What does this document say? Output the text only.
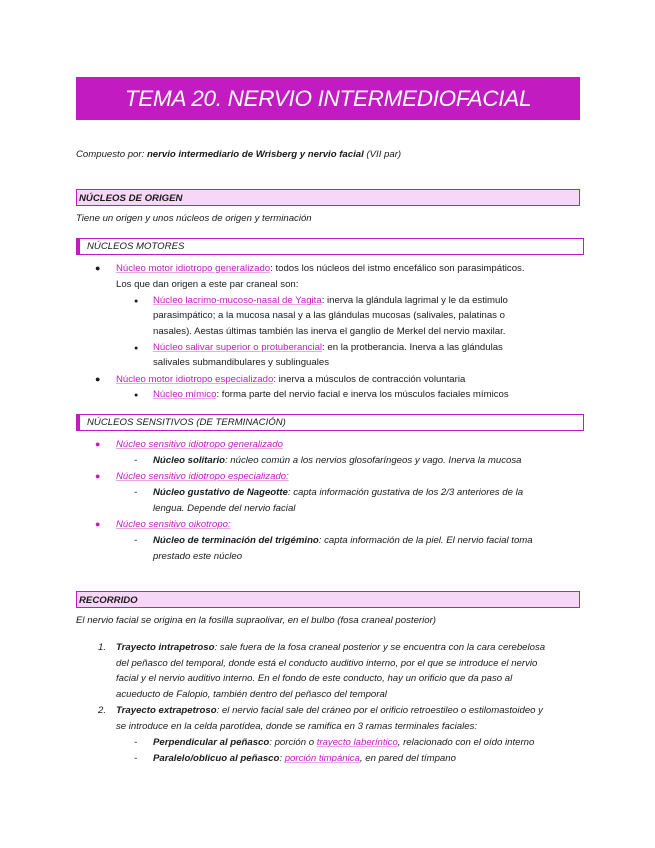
TEMA 20. NERVIO INTERMEDIOFACIAL
Compuesto por: nervio intermediario de Wrisberg y nervio facial (VII par)
NÚCLEOS DE ORIGEN
Tiene un origen y unos núcleos de origen y terminación
NÚCLEOS MOTORES
● Núcleo motor idiotropo generalizado: todos los núcleos del istmo encefálico son parasimpáticos.
Los que dan origen a este par craneal son:
● Núcleo lacrimo-mucoso-nasal de Yagita: inerva la glándula lagrimal y le da estimulo
parasimpático; a la mucosa nasal y a las glándulas mucosas (salivales, palatinas o
nasales). Aestas últimas también las inerva el ganglio de Merkel del nervio maxilar.
● Núcleo salivar superior o protuberancial: en la protberancia. Inerva a las glándulas
salivales submandibulares y sublinguales
● Núcleo motor idiotropo especializado: inerva a músculos de contracción voluntaria
● Núcleo mímico: forma parte del nervio facial e inerva los músculos faciales mímicos
NÚCLEOS SENSITIVOS (DE TERMINACIÓN)
● Núcleo sensitivo idiotropo generalizado
- Núcleo solitario: núcleo común a los nervios glosofaríngeos y vago. Inerva la mucosa
● Núcleo sensitivo idiotropo especializado:
- Núcleo gustativo de Nageotte: capta información gustativa de los 2/3 anteriores de la
lengua. Depende del nervio facial
● Núcleo sensitivo oikotropo:
- Núcleo de terminación del trigémino: capta información de la piel. El nervio facial toma
prestado este núcleo
RECORRIDO
El nervio facial se origina en la fosilla supraolivar, en el bulbo (fosa craneal posterior)
1. Trayecto intrapetroso: sale fuera de la fosa craneal posterior y se encuentra con la cara cerebelosa
del peñasco del temporal, donde está el conducto auditivo interno, por el que se introduce el nervio
facial y el nervio auditivo interno. En el fondo de este conducto, hay un orificio que da paso al
acueducto de Falopio, también dentro del peñasco del temporal
2. Trayecto extrapetroso: el nervio facial sale del cráneo por el orificio retroestileo o estilomastoideo y
se introduce en la celda parotídea, donde se ramifica en 3 ramas terminales faciales:
- Perpendicular al peñasco: porción o trayecto laberíntico, relacionado con el oído interno
- Paralelo/oblicuo al peñasco: porción timpánica, en pared del tímpano
